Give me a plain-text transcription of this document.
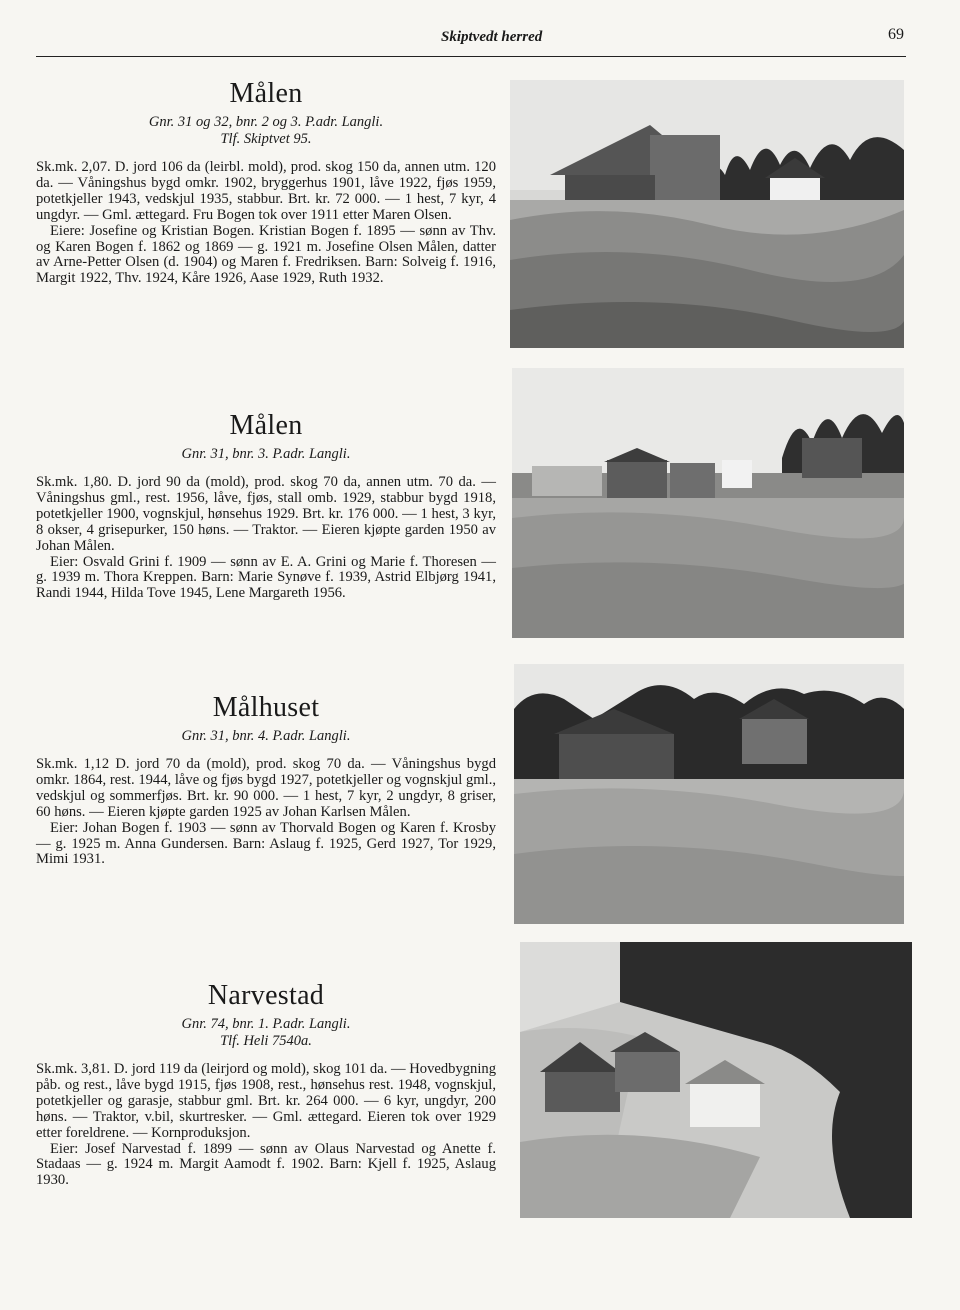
Skiptvedt herred	69
Målen
Gnr. 31 og 32, bnr. 2 og 3. P.adr. Langli.
Tlf. Skiptvet 95.

Sk.mk. 2,07. D. jord 106 da (leirbl. mold), prod. skog 150 da, annen utm. 120 da. — Våningshus bygd omkr. 1902, bryggerhus 1901, låve 1922, fjøs 1959, potetkjeller 1943, vedskjul 1935, stabbur. Brt. kr. 72 000. — 1 hest, 7 kyr, 4 ungdyr. — Gml. ættegard. Fru Bogen tok over 1911 etter Maren Olsen.

Eiere: Josefine og Kristian Bogen. Kristian Bogen f. 1895 — sønn av Thv. og Karen Bogen f. 1862 og 1869 — g. 1921 m. Josefine Olsen Målen, datter av Arne-Petter Olsen (d. 1904) og Maren f. Fredriksen. Barn: Solveig f. 1916, Margit 1922, Thv. 1924, Kåre 1926, Aase 1929, Ruth 1932.

Målen
Gnr. 31, bnr. 3. P.adr. Langli.

Sk.mk. 1,80. D. jord 90 da (mold), prod. skog 70 da, annen utm. 70 da. — Våningshus gml., rest. 1956, låve, fjøs, stall omb. 1929, stabbur bygd 1918, potetkjeller 1900, vognskjul, hønsehus 1929. Brt. kr. 176 000. — 1 hest, 3 kyr, 8 okser, 4 grisepurker, 150 høns. — Traktor. — Eieren kjøpte garden 1950 av Johan Målen.

Eier: Osvald Grini f. 1909 — sønn av E. A. Grini og Marie f. Thoresen — g. 1939 m. Thora Kreppen. Barn: Marie Synøve f. 1939, Astrid Elbjørg 1941, Randi 1944, Hilda Tove 1945, Lene Margareth 1956.

Målhuset
Gnr. 31, bnr. 4. P.adr. Langli.

Sk.mk. 1,12 D. jord 70 da (mold), prod. skog 70 da. — Våningshus bygd omkr. 1864, rest. 1944, låve og fjøs bygd 1927, potetkjeller og vognskjul gml., vedskjul og sommerfjøs. Brt. kr. 90 000. — 1 hest, 7 kyr, 2 ungdyr, 8 griser, 60 høns. — Eieren kjøpte garden 1925 av Johan Karlsen Målen.

Eier: Johan Bogen f. 1903 — sønn av Thorvald Bogen og Karen f. Krosby — g. 1925 m. Anna Gundersen. Barn: Aslaug f. 1925, Gerd 1927, Tor 1929, Mimi 1931.

Narvestad
Gnr. 74, bnr. 1. P.adr. Langli.
Tlf. Heli 7540a.

Sk.mk. 3,81. D. jord 119 da (leirjord og mold), skog 101 da. — Hovedbygning påb. og rest., låve bygd 1915, fjøs 1908, rest., hønsehus rest. 1948, vognskjul, potetkjeller og garasje, stabbur gml. Brt. kr. 264 000. — 6 kyr, ungdyr, 200 høns. — Traktor, v.bil, skurtresker. — Gml. ættegard. Eieren tok over 1929 etter foreldrene. — Kornproduksjon.

Eier: Josef Narvestad f. 1899 — sønn av Olaus Narvestad og Anette f. Stadaas — g. 1924 m. Margit Aamodt f. 1902. Barn: Kjell f. 1925, Aslaug 1930.
